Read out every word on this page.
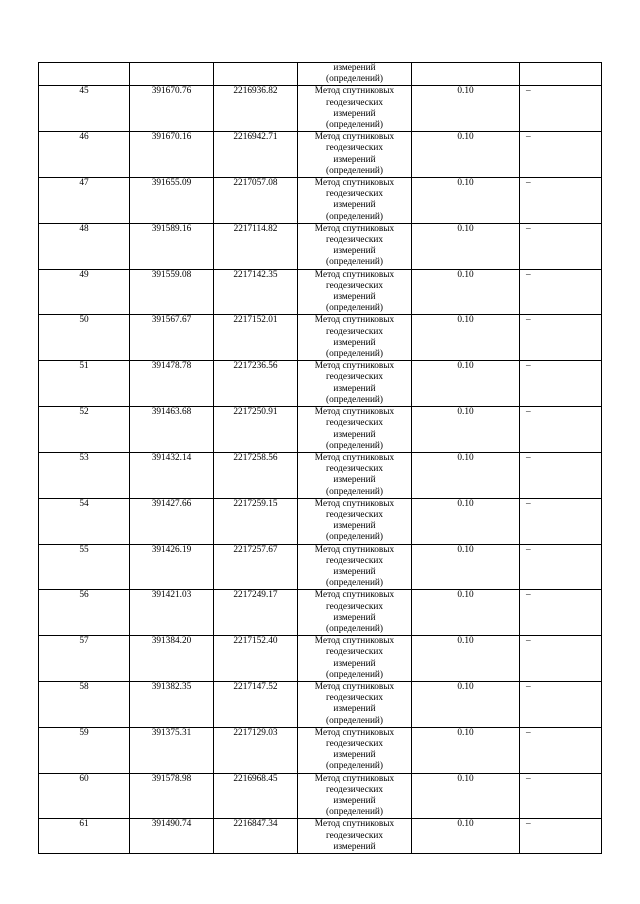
			измерений
(определений)		

45	391670.76	2216936.82	Метод спутниковых
геодезических
измерений
(определений)	0.10	–
46	391670.16	2216942.71	Метод спутниковых
геодезических
измерений
(определений)	0.10	–
47	391655.09	2217057.08	Метод спутниковых
геодезических
измерений
(определений)	0.10	–
48	391589.16	2217114.82	Метод спутниковых
геодезических
измерений
(определений)	0.10	–
49	391559.08	2217142.35	Метод спутниковых
геодезических
измерений
(определений)	0.10	–
50	391567.67	2217152.01	Метод спутниковых
геодезических
измерений
(определений)	0.10	–
51	391478.78	2217236.56	Метод спутниковых
геодезических
измерений
(определений)	0.10	–
52	391463.68	2217250.91	Метод спутниковых
геодезических
измерений
(определений)	0.10	–
53	391432.14	2217258.56	Метод спутниковых
геодезических
измерений
(определений)	0.10	–
54	391427.66	2217259.15	Метод спутниковых
геодезических
измерений
(определений)	0.10	–
55	391426.19	2217257.67	Метод спутниковых
геодезических
измерений
(определений)	0.10	–
56	391421.03	2217249.17	Метод спутниковых
геодезических
измерений
(определений)	0.10	–
57	391384.20	2217152.40	Метод спутниковых
геодезических
измерений
(определений)	0.10	–
58	391382.35	2217147.52	Метод спутниковых
геодезических
измерений
(определений)	0.10	–
59	391375.31	2217129.03	Метод спутниковых
геодезических
измерений
(определений)	0.10	–
60	391578.98	2216968.45	Метод спутниковых
геодезических
измерений
(определений)	0.10	–
61	391490.74	2216847.34	Метод спутниковых
геодезических
измерений	0.10	–
